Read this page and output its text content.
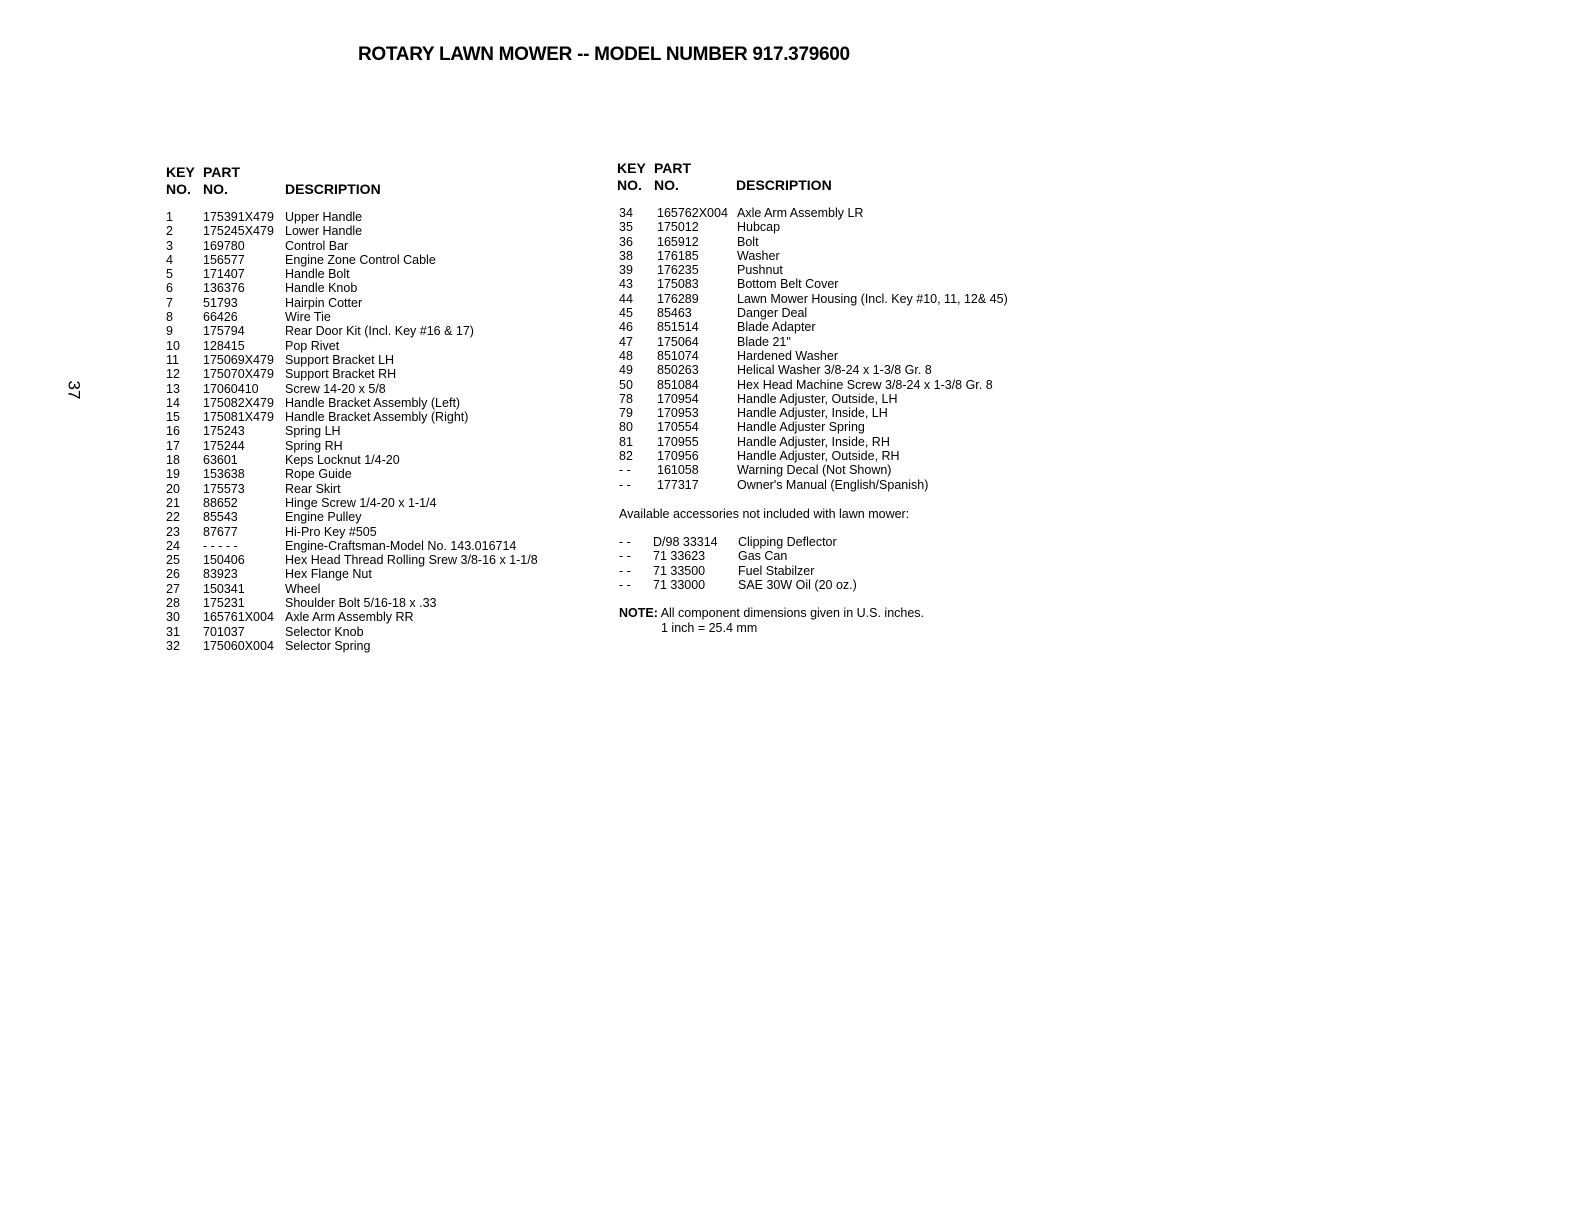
ROTARY LAWN MOWER -- MODEL NUMBER 917.379600
37
KEY
NO.
PART
NO.	DESCRIPTION
1 175391X479 Upper Handle
2 175245X479 Lower Handle
3 169780	Control Bar
4 156577	Engine Zone Control Cable
5 171407	Handle Bolt
6 136376	Handle Knob
7 51793	Hairpin Cotter
8 66426	Wire Tie
9 175794	Rear Door Kit (Incl. Key #16 & 17)
10 128415	Pop Rivet
11 175069X479 Support Bracket LH
12 175070X479 Support Bracket RH
13 17060410 Screw 14-20 x 5/8
14 175082X479 Handle Bracket Assembly (Left)
15 175081X479 Handle Bracket Assembly (Right)
16 175243	Spring LH
17 175244	Spring RH
18 63601	Keps Locknut 1/4-20
19 153638	Rope Guide
20 175573	Rear Skirt
21 88652	Hinge Screw 1/4-20 x 1-1/4
22 85543	Engine Pulley
23 87677	Hi-Pro Key #505
24 - - - - -	Engine-Craftsman-Model No. 143.016714
25 150406	Hex Head Thread Rolling Srew 3/8-16 x 1-1/8
26 83923	Hex Flange Nut
27 150341	Wheel
28 175231	Shoulder Bolt 5/16-18 x .33
30 165761X004 Axle Arm Assembly RR
31 701037	Selector Knob
32 175060X004 Selector Spring
KEY
NO.
PART
NO.	DESCRIPTION
34 165762X004 Axle Arm Assembly LR
35 175012	Hubcap
36 165912	Bolt
38 176185	Washer
39 176235	Pushnut
43 175083	Bottom Belt Cover
44 176289	Lawn Mower Housing (Incl. Key #10, 11, 12& 45)
45 85463	Danger Deal
46 851514	Blade Adapter
47 175064	Blade 21"
48 851074	Hardened Washer
49 850263	Helical Washer 3/8-24 x 1-3/8 Gr. 8
50 851084	Hex Head Machine Screw 3/8-24 x 1-3/8 Gr. 8
78 170954	Handle Adjuster, Outside, LH
79 170953	Handle Adjuster, Inside, LH
80 170554	Handle Adjuster Spring
81 170955	Handle Adjuster, Inside, RH
82 170956	Handle Adjuster, Outside, RH
- - 161058	Warning Decal (Not Shown)
- - 177317	Owner's Manual (English/Spanish)
Available accessories not included with lawn mower:
- - D/98 33314 Clipping Deflector
- - 71 33623	Gas Can
- - 71 33500	Fuel Stabilzer
- - 71 33000	SAE 30W Oil (20 oz.)
NOTE: All component dimensions given in U.S. inches.
1 inch = 25.4 mm
